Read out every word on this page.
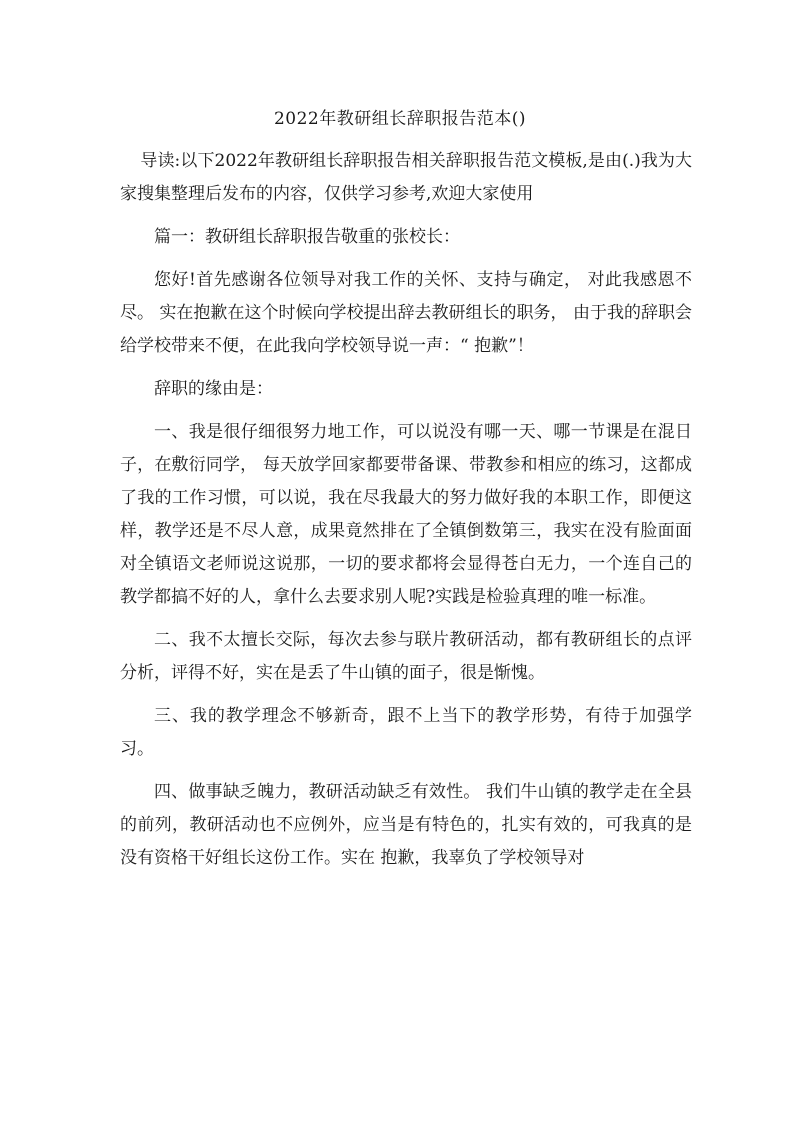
2022年教研组长辞职报告范本()

导读:以下2022年教研组长辞职报告相关辞职报告范文模板,是由(.)我为大家搜集整理后发布的内容，仅供学习参考,欢迎大家使用

篇一：教研组长辞职报告敬重的张校长：

您好!首先感谢各位领导对我工作的关怀、支持与确定， 对此我感恩不尽。 实在抱歉在这个时候向学校提出辞去教研组长的职务， 由于我的辞职会给学校带来不便，在此我向学校领导说一声：“ 抱歉”！

辞职的缘由是：

一、我是很仔细很努力地工作，可以说没有哪一天、哪一节课是在混日子，在敷衍同学， 每天放学回家都要带备课、带教参和相应的练习，这都成了我的工作习惯，可以说，我在尽我最大的努力做好我的本职工作，即便这样，教学还是不尽人意，成果竟然排在了全镇倒数第三，我实在没有脸面面对全镇语文老师说这说那，一切的要求都将会显得苍白无力，一个连自己的教学都搞不好的人，拿什么去要求别人呢?实践是检验真理的唯一标准。

二、我不太擅长交际，每次去参与联片教研活动，都有教研组长的点评分析，评得不好，实在是丢了牛山镇的面子，很是惭愧。

三、我的教学理念不够新奇，跟不上当下的教学形势，有待于加强学习。

四、做事缺乏魄力，教研活动缺乏有效性。 我们牛山镇的教学走在全县的前列，教研活动也不应例外，应当是有特色的，扎实有效的，可我真的是没有资格干好组长这份工作。实在 抱歉，我辜负了学校领导对
